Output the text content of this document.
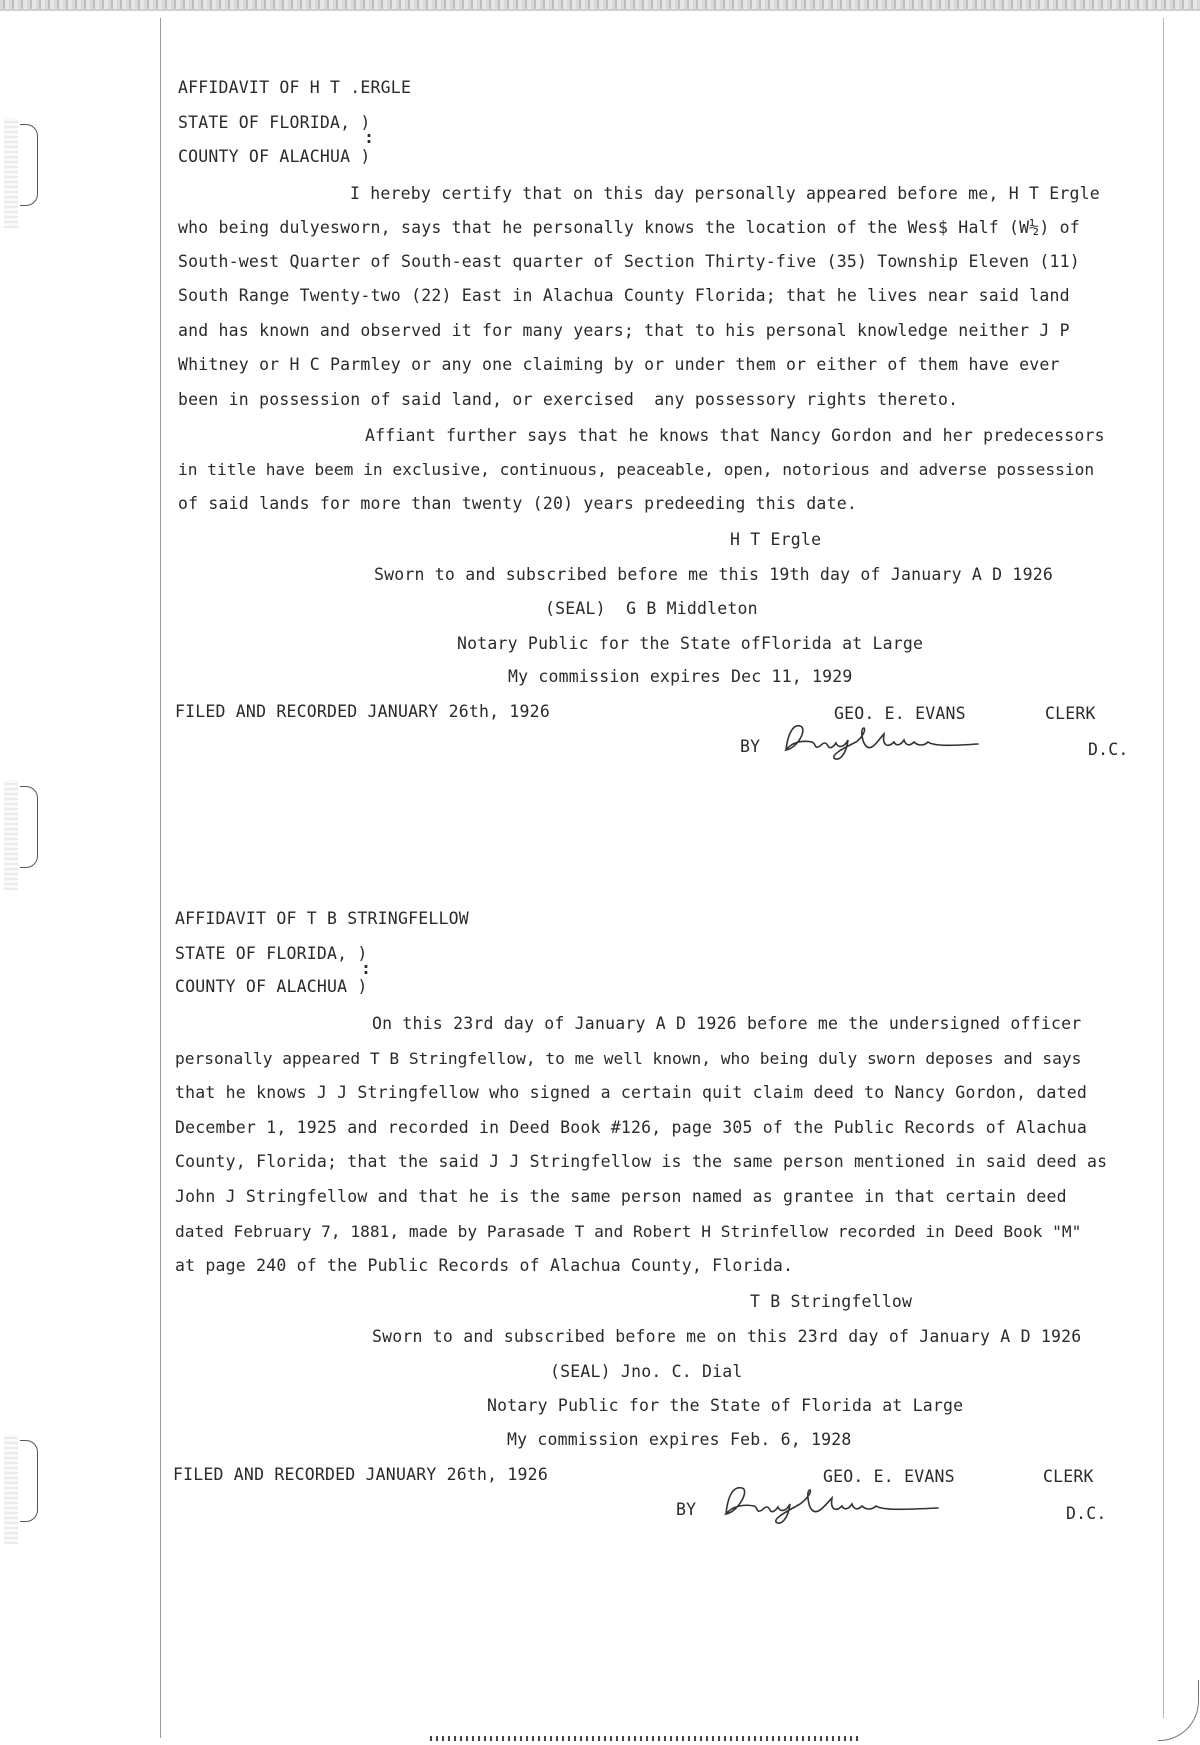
AFFIDAVIT OF H T .ERGLE
STATE OF FLORIDA, )
:
COUNTY OF ALACHUA )
I hereby certify that on this day personally appeared before me, H T Ergle
who being dulyesworn, says that he personally knows the location of the Wes$ Half (W½) of
South-west Quarter of South-east quarter of Section Thirty-five (35) Township Eleven (11)
South Range Twenty-two (22) East in Alachua County Florida; that he lives near said land
and has known and observed it for many years; that to his personal knowledge neither J P
Whitney or H C Parmley or any one claiming by or under them or either of them have ever
been in possession of said land, or exercised  any possessory rights thereto.
Affiant further says that he knows that Nancy Gordon and her predecessors
in title have beem in exclusive, continuous, peaceable, open, notorious and adverse possession
of said lands for more than twenty (20) years predeeding this date.
H T Ergle
Sworn to and subscribed before me this 19th day of January A D 1926
(SEAL)  G B Middleton
Notary Public for the State ofFlorida at Large
My commission expires Dec 11, 1929
FILED AND RECORDED JANUARY 26th, 1926	GEO. E. EVANS	CLERK
BY	D.C.
AFFIDAVIT OF T B STRINGFELLOW
STATE OF FLORIDA, )
:
COUNTY OF ALACHUA )
On this 23rd day of January A D 1926 before me the undersigned officer
personally appeared T B Stringfellow, to me well known, who being duly sworn deposes and says
that he knows J J Stringfellow who signed a certain quit claim deed to Nancy Gordon, dated
December 1, 1925 and recorded in Deed Book #126, page 305 of the Public Records of Alachua
County, Florida; that the said J J Stringfellow is the same person mentioned in said deed as
John J Stringfellow and that he is the same person named as grantee in that certain deed
dated February 7, 1881, made by Parasade T and Robert H Strinfellow recorded in Deed Book "M"
at page 240 of the Public Records of Alachua County, Florida.
T B Stringfellow
Sworn to and subscribed before me on this 23rd day of January A D 1926
(SEAL) Jno. C. Dial
Notary Public for the State of Florida at Large
My commission expires Feb. 6, 1928
FILED AND RECORDED JANUARY 26th, 1926	GEO. E. EVANS	CLERK
BY	D.C.
